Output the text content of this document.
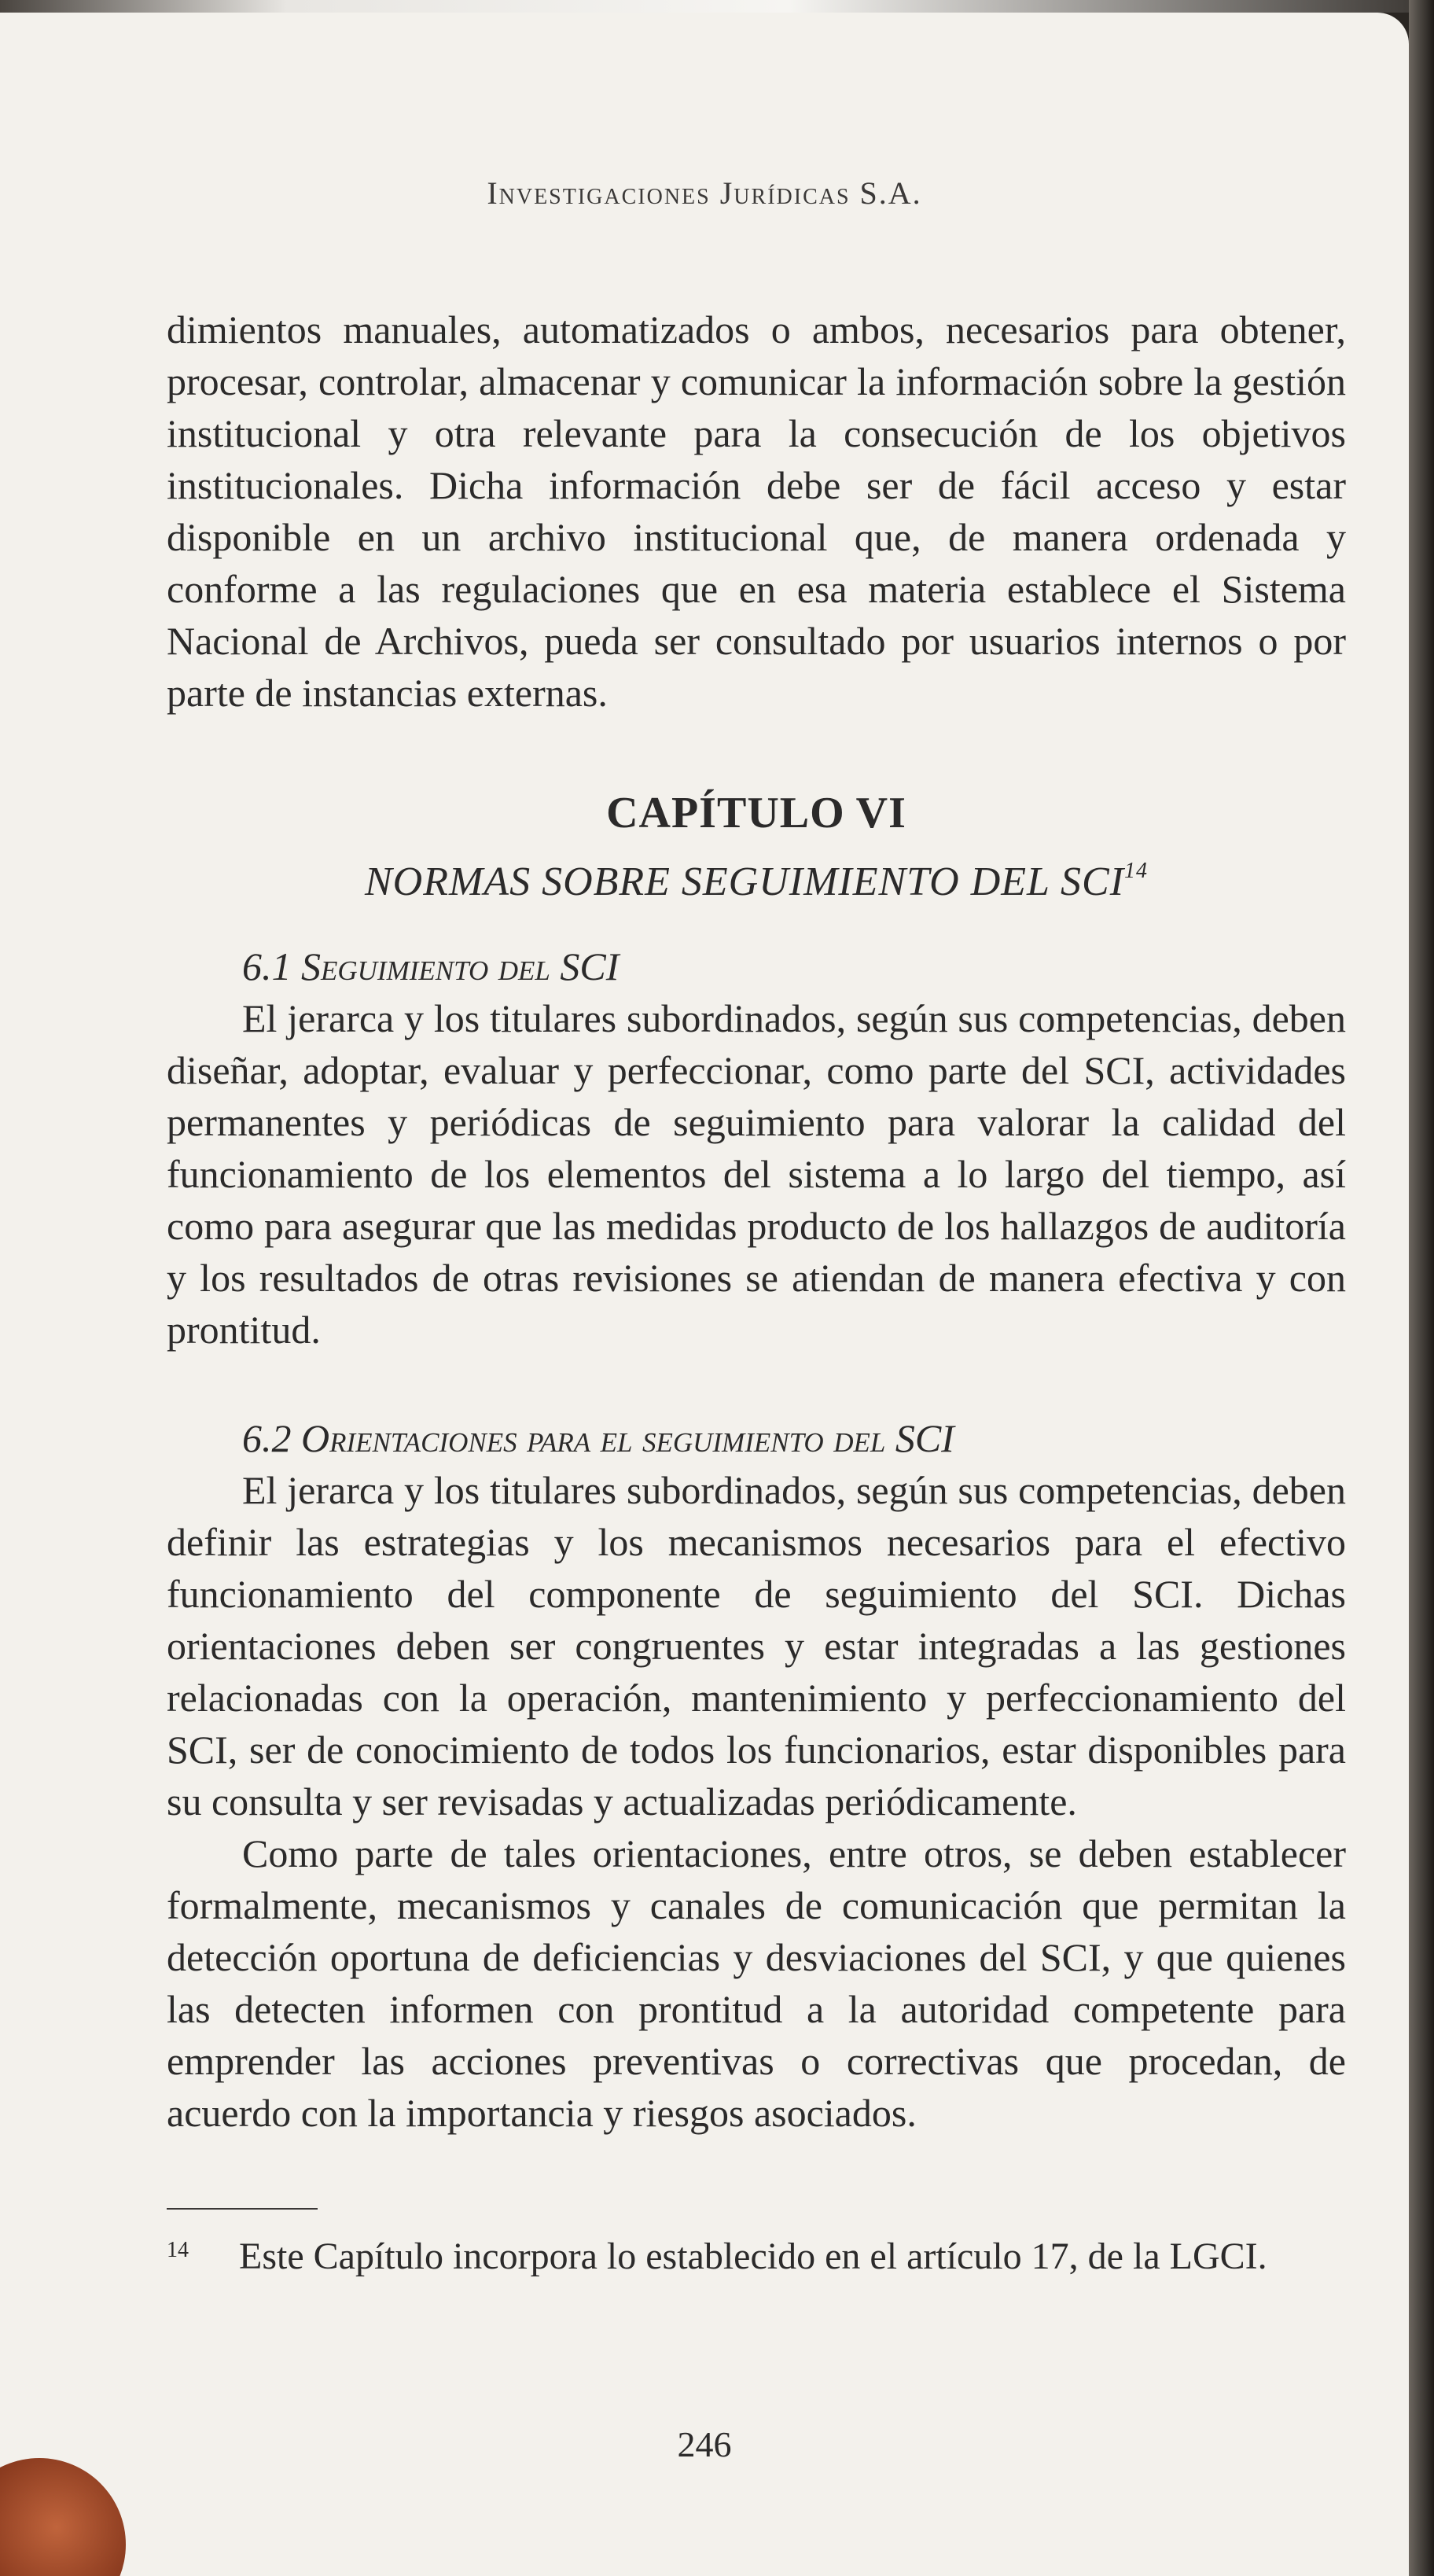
Investigaciones Jurídicas S.A.

dimientos manuales, automatizados o ambos, necesarios para obtener, procesar, controlar, almacenar y comunicar la información sobre la gestión institucional y otra relevante para la consecución de los objetivos institucionales. Dicha información debe ser de fácil acceso y estar disponible en un archivo institucional que, de manera ordenada y conforme a las regulaciones que en esa materia establece el Sistema Nacional de Archivos, pueda ser consultado por usuarios internos o por parte de instancias externas.

CAPÍTULO VI
NORMAS SOBRE SEGUIMIENTO DEL SCI$^{14}$
6.1 Seguimiento del SCI

El jerarca y los titulares subordinados, según sus competencias, deben diseñar, adoptar, evaluar y perfeccionar, como parte del SCI, actividades permanentes y periódicas de seguimiento para valorar la calidad del funcionamiento de los elementos del sistema a lo largo del tiempo, así como para asegurar que las medidas producto de los hallazgos de auditoría y los resultados de otras revisiones se atiendan de manera efectiva y con prontitud.

6.2 Orientaciones para el seguimiento del SCI

El jerarca y los titulares subordinados, según sus competencias, deben definir las estrategias y los mecanismos necesarios para el efectivo funcionamiento del componente de seguimiento del SCI. Dichas orientaciones deben ser congruentes y estar integradas a las gestiones relacionadas con la operación, mantenimiento y perfeccionamiento del SCI, ser de conocimiento de todos los funcionarios, estar disponibles para su consulta y ser revisadas y actualizadas periódicamente.

Como parte de tales orientaciones, entre otros, se deben establecer formalmente, mecanismos y canales de comunicación que permitan la detección oportuna de deficiencias y desviaciones del SCI, y que quienes las detecten informen con prontitud a la autoridad competente para emprender las acciones preventivas o correctivas que procedan, de acuerdo con la importancia y riesgos asociados.

14 Este Capítulo incorpora lo establecido en el artículo 17, de la LGCI.
246
